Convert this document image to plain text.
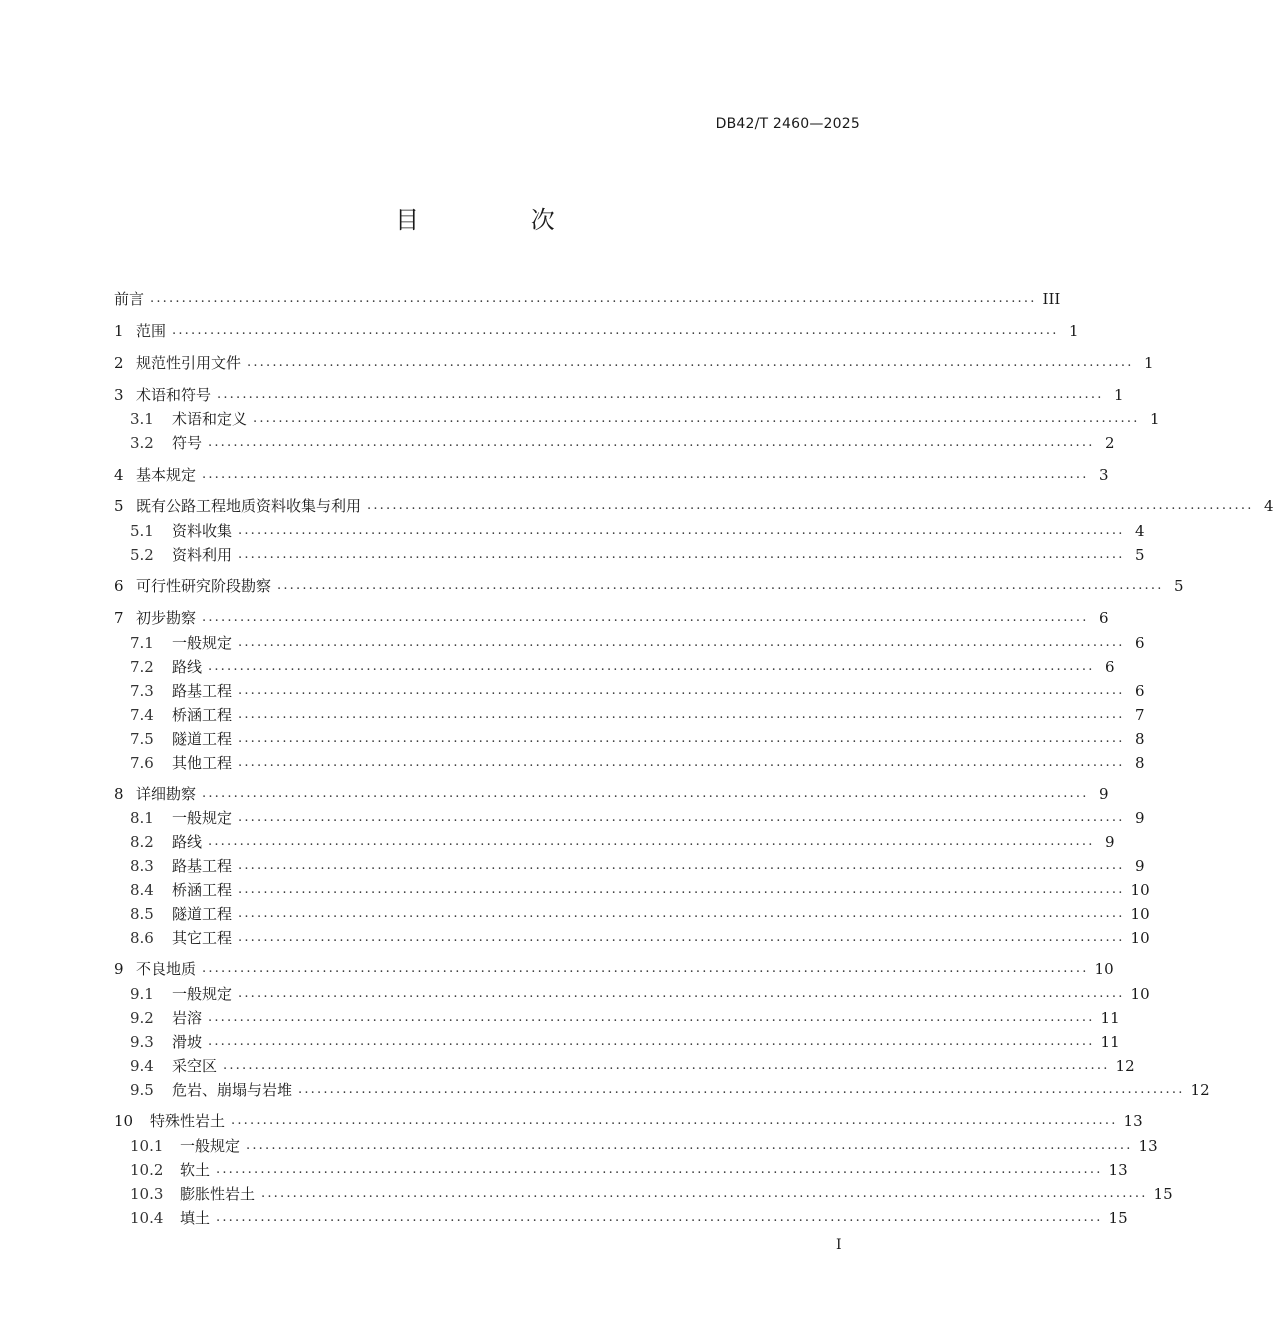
DB42/T 2460—2025
目 次
前言 ............................................................................................................................................ III
1 范围 ............................................................................................................................................ 1
2 规范性引用文件 ............................................................................................................................................ 1
3 术语和符号 ............................................................................................................................................ 1
3.1	术语和定义 ............................................................................................................................................ 1
3.2	符号 ............................................................................................................................................ 2
4 基本规定 ............................................................................................................................................ 3
5 既有公路工程地质资料收集与利用 ............................................................................................................................................ 4
5.1	资料收集 ............................................................................................................................................ 4
5.2	资料利用 ............................................................................................................................................ 5
6 可行性研究阶段勘察 ............................................................................................................................................ 5
7 初步勘察 ............................................................................................................................................ 6
7.1	一般规定 ............................................................................................................................................ 6
7.2	路线 ............................................................................................................................................ 6
7.3	路基工程 ............................................................................................................................................ 6
7.4	桥涵工程 ............................................................................................................................................ 7
7.5	隧道工程 ............................................................................................................................................ 8
7.6	其他工程 ............................................................................................................................................ 8
8 详细勘察 ............................................................................................................................................ 9
8.1	一般规定 ............................................................................................................................................ 9
8.2	路线 ............................................................................................................................................ 9
8.3	路基工程 ............................................................................................................................................ 9
8.4	桥涵工程 ............................................................................................................................................ 10
8.5	隧道工程 ............................................................................................................................................ 10
8.6	其它工程 ............................................................................................................................................ 10
9 不良地质 ............................................................................................................................................ 10
9.1	一般规定 ............................................................................................................................................ 10
9.2	岩溶 ............................................................................................................................................ 11
9.3	滑坡 ............................................................................................................................................ 11
9.4	采空区 ............................................................................................................................................ 12
9.5	危岩、崩塌与岩堆 ............................................................................................................................................ 12
10	特殊性岩土 ............................................................................................................................................ 13
10.1	一般规定 ............................................................................................................................................ 13
10.2	软土 ............................................................................................................................................ 13
10.3	膨胀性岩土 ............................................................................................................................................ 15
10.4	填土 ............................................................................................................................................ 15
I
